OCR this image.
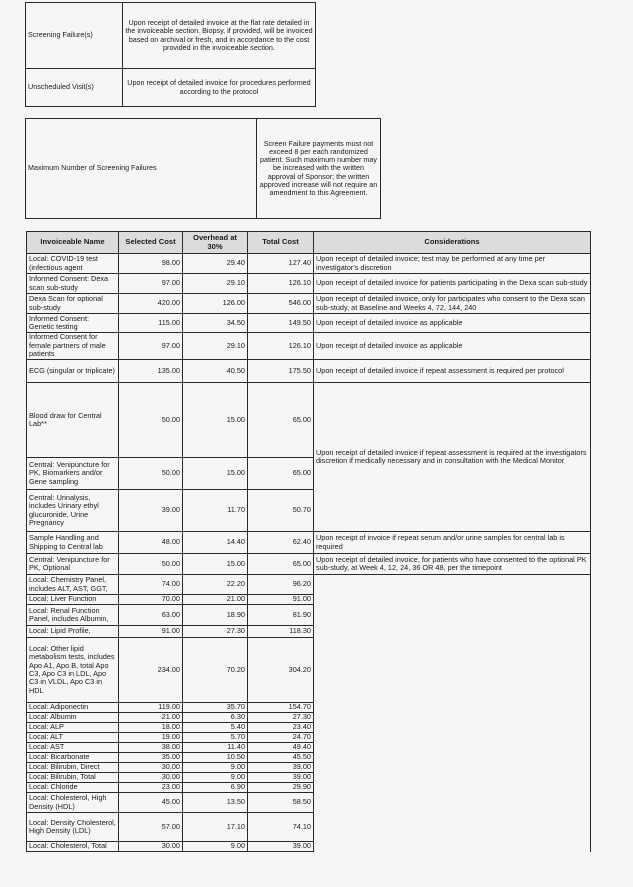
Screening Failure(s)	Upon receipt of detailed invoice at the flat rate detailed in the invoiceable section. Biopsy, if provided, will be invoiced based on archival or fresh, and in accordance to the cost provided in the invoiceable section.
Unscheduled Visit(s)	Upon receipt of detailed invoice for procedures performed according to the protocol
Maximum Number of Screening Failures	Screen Failure payments must not exceed 8 per each randomized patient. Such maximum number may be increased with the written approval of Sponsor; the written approved increase will not require an amendment to this Agreement.
Invoiceable Name	Selected Cost	Overhead at 30%	Total Cost	Considerations
Local: COVID-19 test (infectious agent	98.00	29.40	127.40	Upon receipt of detailed invoice; test may be performed at any time per investigator's discretion
Informed Consent: Dexa scan sub-study	97.00	29.10	126.10	Upon receipt of detailed invoice for patients participating in the Dexa scan sub-study
Dexa Scan for optional sub-study	420.00	126.00	546.00	Upon receipt of detailed invoice, only for participates who consent to the Dexa scan sub-study, at Baseline and Weeks 4, 72, 144, 240
Informed Consent: Genetic testing	115.00	34.50	149.50	Upon receipt of detailed invoice as applicable
Informed Consent for female partners of male patients	97.00	29.10	126.10	Upon receipt of detailed invoice as applicable
ECG (singular or triplicate)	135.00	40.50	175.50	Upon receipt of detailed invoice if repeat assessment is required per protocol
Blood draw for Central Lab**	50.00	15.00	65.00	Upon receipt of detailed invoice if repeat assessment is required at the investigators discretion if medically necessary and in consultation with the Medical Monitor
Central: Venipuncture for PK, Biomarkers and/or Gene sampling	50.00	15.00	65.00	
Central: Urinalysis, includes Urinary ethyl glucuronide, Urine Pregnancy	39.00	11.70	50.70	
Sample Handling and Shipping to Central lab	48.00	14.40	62.40	Upon receipt of invoice if repeat serum and/or urine samples for central lab is required
Central: Venipuncture for PK, Optional	50.00	15.00	65.00	Upon receipt of detailed invoice, for patients who have consented to the optional PK sub-study, at Week 4, 12, 24, 36 OR 48, per the timepoint
Local: Chemistry Panel, includes ALT, AST, GGT,	74.00	22.20	96.20	
Local: Liver Function	70.00	21.00	91.00	
Local: Renal Function Panel, includes Albumin,	63.00	18.90	81.90	
Local: Lipid Profile,	91.00	27.30	118.30	
Local: Other lipid metabolism tests, includes Apo A1, Apo B, total Apo C3, Apo C3 in LDL, Apo C3 in VLDL, Apo C3 in HDL	234.00	70.20	304.20	
Local: Adiponectin	119.00	35.70	154.70	
Local: Albumin	21.00	6.30	27.30	
Local: ALP	18.00	5.40	23.40	
Local: ALT	19.00	5.70	24.70	
Local: AST	38.00	11.40	49.40	
Local: Bicarbonate	35.00	10.50	45.50	
Local: Bilirubin, Direct	30.00	9.00	39.00	
Local: Bilirubin, Total	30.00	9.00	39.00	
Local: Chloride	23.00	6.90	29.90	
Local: Cholesterol, High Density (HDL)	45.00	13.50	58.50	
Local: Density Cholesterol, High Density (LDL)	57.00	17.10	74.10	
Local: Cholesterol, Total	30.00	9.00	39.00	
